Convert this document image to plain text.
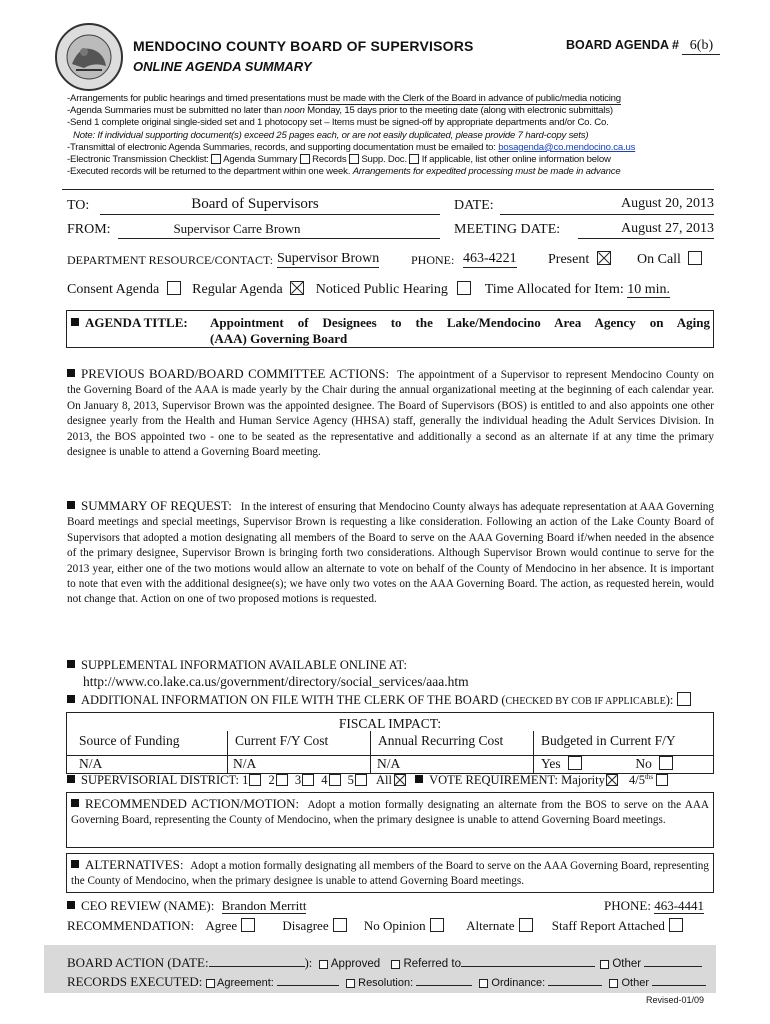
MENDOCINO COUNTY BOARD OF SUPERVISORS
ONLINE AGENDA SUMMARY
BOARD AGENDA # 6(b)
-Arrangements for public hearings and timed presentations must be made with the Clerk of the Board in advance of public/media noticing
-Agenda Summaries must be submitted no later than noon Monday, 15 days prior to the meeting date (along with electronic submittals)
-Send 1 complete original single-sided set and 1 photocopy set – Items must be signed-off by appropriate departments and/or Co. Co.
Note: If individual supporting document(s) exceed 25 pages each, or are not easily duplicated, please provide 7 hard-copy sets)
-Transmittal of electronic Agenda Summaries, records, and supporting documentation must be emailed to: bosagenda@co.mendocino.ca.us
-Electronic Transmission Checklist: Agenda Summary Records Supp. Doc. If applicable, list other online information below
-Executed records will be returned to the department within one week. Arrangements for expedited processing must be made in advance
TO:	Board of Supervisors	DATE:	August 20, 2013
FROM:	Supervisor Carre Brown	MEETING DATE:	August 27, 2013
DEPARTMENT RESOURCE/CONTACT: Supervisor Brown	PHONE: 463-4221 Present	On Call
Consent Agenda Regular Agenda Noticed Public Hearing	Time Allocated for Item: 10 min.
AGENDA TITLE: Appointment of Designees to the Lake/Mendocino Area Agency on Aging
(AAA) Governing Board
PREVIOUS BOARD/BOARD COMMITTEE ACTIONS: The appointment of a Supervisor to represent Mendocino County on the Governing Board of the AAA is made yearly by the Chair during the annual organizational meeting at the beginning of each calendar year. On January 8, 2013, Supervisor Brown was the appointed designee. The Board of Supervisors (BOS) is entitled to and also appoints one other designee yearly from the Health and Human Service Agency (HHSA) staff, generally the individual heading the Adult Services Division. In 2013, the BOS appointed two - one to be seated as the representative and additionally a second as an alternate if at any time the primary designee is unable to attend a Governing Board meeting.
SUMMARY OF REQUEST: In the interest of ensuring that Mendocino County always has adequate representation at AAA Governing Board meetings and special meetings, Supervisor Brown is requesting a like consideration. Following an action of the Lake County Board of Supervisors that adopted a motion designating all members of the Board to serve on the AAA Governing Board if/when needed in the absence of the primary designee, Supervisor Brown is bringing forth two considerations. Although Supervisor Brown would continue to serve for the 2013 year, either one of the two motions would allow an alternate to vote on behalf of the County of Mendocino in her absence. It is important to note that even with the additional designee(s); we have only two votes on the AAA Governing Board. The action, as requested herein, would not change that. Action on one of two proposed motions is requested.
SUPPLEMENTAL INFORMATION AVAILABLE ONLINE AT:
http://www.co.lake.ca.us/government/directory/social_services/aaa.htm
ADDITIONAL INFORMATION ON FILE WITH THE CLERK OF THE BOARD (CHECKED BY COB IF APPLICABLE):
FISCAL IMPACT:
Source of Funding	Current F/Y Cost	Annual Recurring Cost	Budgeted in Current F/Y
N/A	N/A	N/A	Yes	No
SUPERVISORIAL DISTRICT: 1 2 3 4 5 All	VOTE REQUIREMENT: Majority $4/5^{ths}$
RECOMMENDED ACTION/MOTION: Adopt a motion formally designating an alternate from the BOS to serve on the AAA Governing Board, representing the County of Mendocino, when the primary designee is unable to attend Governing Board meetings.
ALTERNATIVES: Adopt a motion formally designating all members of the Board to serve on the AAA Governing Board, representing the County of Mendocino, when the primary designee is unable to attend Governing Board meetings.
CEO REVIEW (NAME): Brandon Merritt	PHONE: 463-4441
RECOMMENDATION: Agree	Disagree	No Opinion	Alternate	Staff Report Attached
BOARD ACTION (DATE:	): Approved Referred to	Other
RECORDS EXECUTED: Agreement:	Resolution:	Ordinance:	Other
Revised-01/09
